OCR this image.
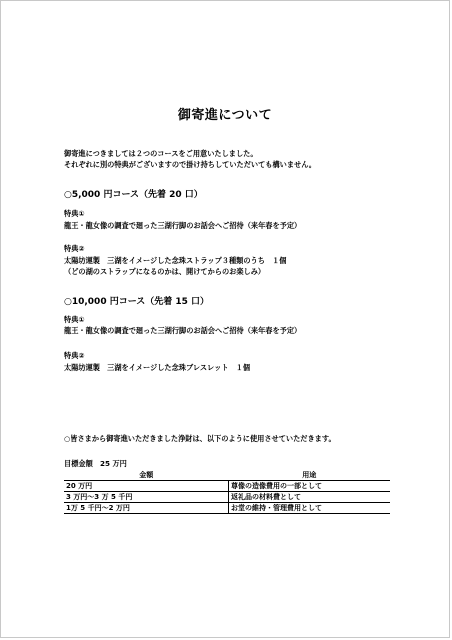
御寄進について
御寄進につきましては２つのコースをご用意いたしました。
それぞれに別の特典がございますので掛け持ちしていただいても構いません。
○5,000 円コース（先着 20 口）
特典①
龍王・龍女像の調査で廻った三湖行脚のお話会へご招待（来年春を予定）
特典②
太陽坊運製　三湖をイメージした念珠ストラップ３種類のうち　１個
（どの湖のストラップになるのかは、開けてからのお楽しみ）
○10,000 円コース（先着 15 口）
特典①
龍王・龍女像の調査で廻った三湖行脚のお話会へご招待（来年春を予定）
特典②
太陽坊運製　三湖をイメージした念珠ブレスレット　１個
○皆さまから御寄進いただきました浄財は、以下のように使用させていただきます。
目標金額　25 万円
金額	用途
20 万円	尊像の造像費用の一部として
3 万円～3 万 5 千円	返礼品の材料費として
1万 5 千円～2 万円	お堂の維持・管理費用として
